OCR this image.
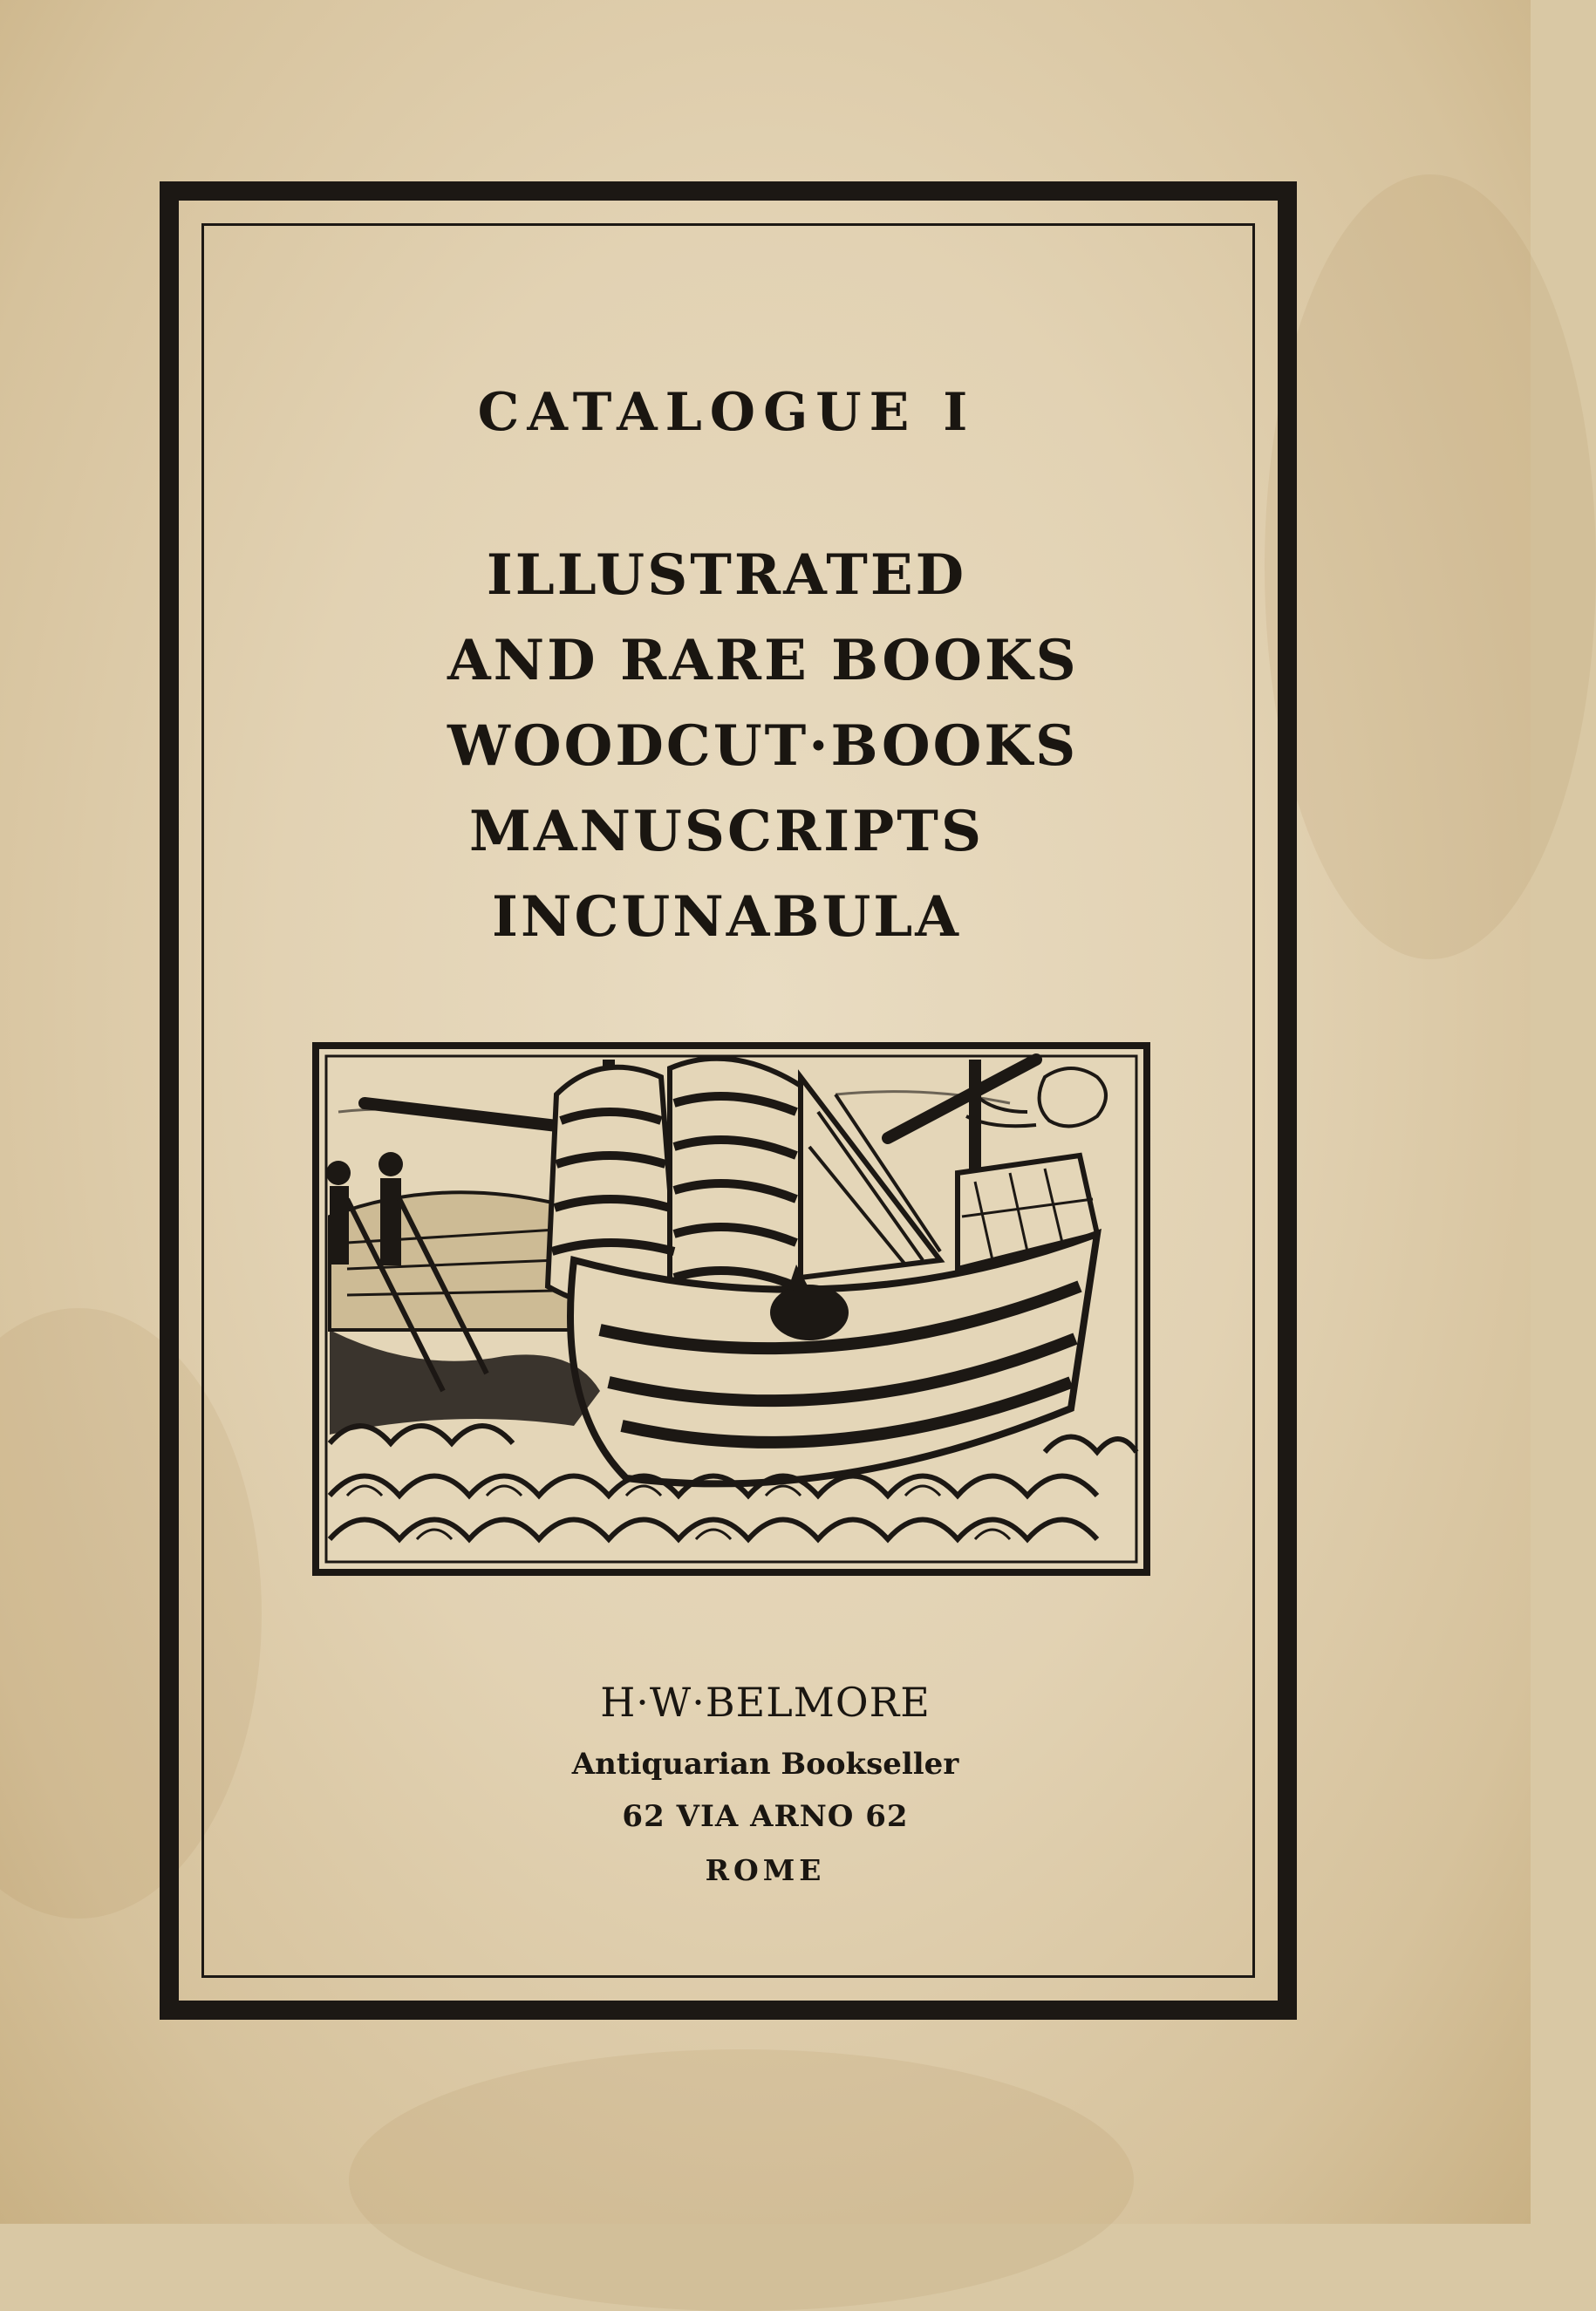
CATALOGUE I
ILLUSTRATED
AND RARE BOOKS
WOODCUT·BOOKS
MANUSCRIPTS
INCUNABULA
H·W·BELMORE
Antiquarian Bookseller
62 VIA ARNO 62
ROME
